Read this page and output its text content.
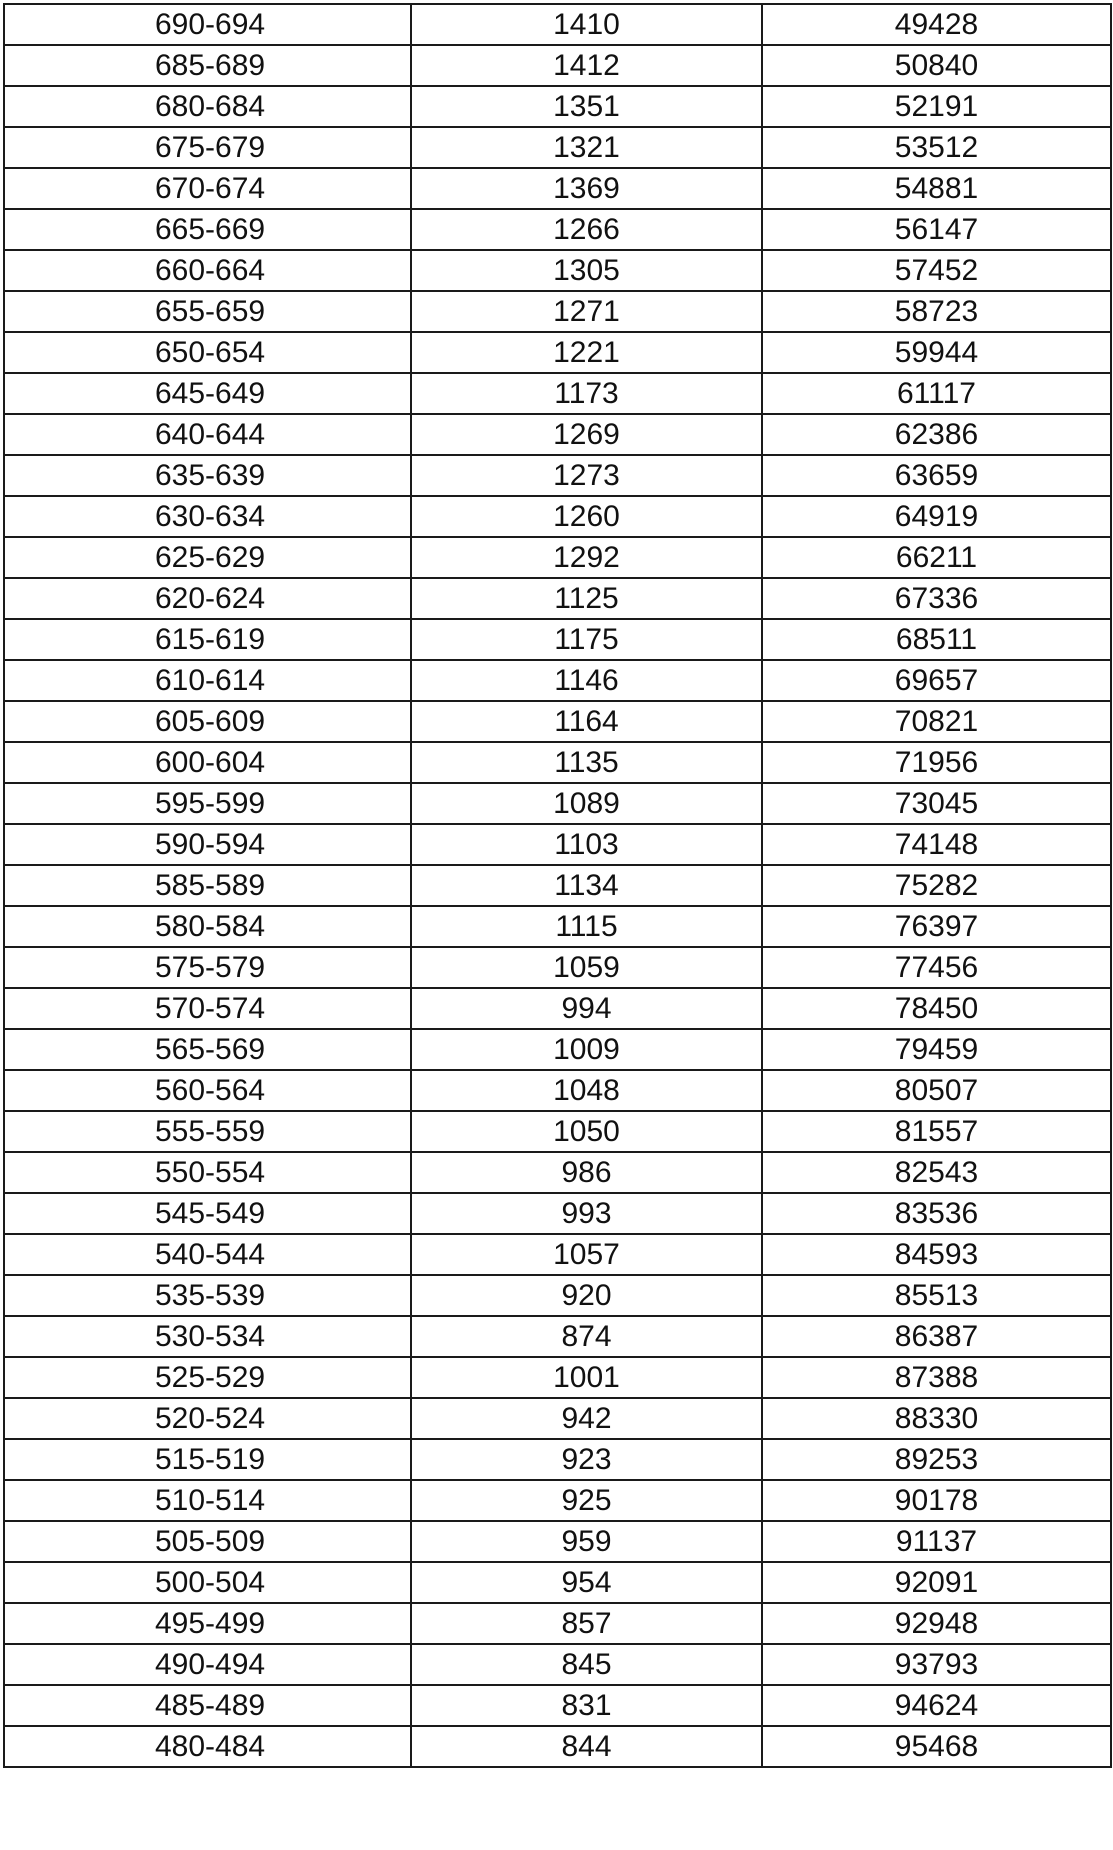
690-694	1410	49428
685-689	1412	50840
680-684	1351	52191
675-679	1321	53512
670-674	1369	54881
665-669	1266	56147
660-664	1305	57452
655-659	1271	58723
650-654	1221	59944
645-649	1173	61117
640-644	1269	62386
635-639	1273	63659
630-634	1260	64919
625-629	1292	66211
620-624	1125	67336
615-619	1175	68511
610-614	1146	69657
605-609	1164	70821
600-604	1135	71956
595-599	1089	73045
590-594	1103	74148
585-589	1134	75282
580-584	1115	76397
575-579	1059	77456
570-574	994	78450
565-569	1009	79459
560-564	1048	80507
555-559	1050	81557
550-554	986	82543
545-549	993	83536
540-544	1057	84593
535-539	920	85513
530-534	874	86387
525-529	1001	87388
520-524	942	88330
515-519	923	89253
510-514	925	90178
505-509	959	91137
500-504	954	92091
495-499	857	92948
490-494	845	93793
485-489	831	94624
480-484	844	95468
